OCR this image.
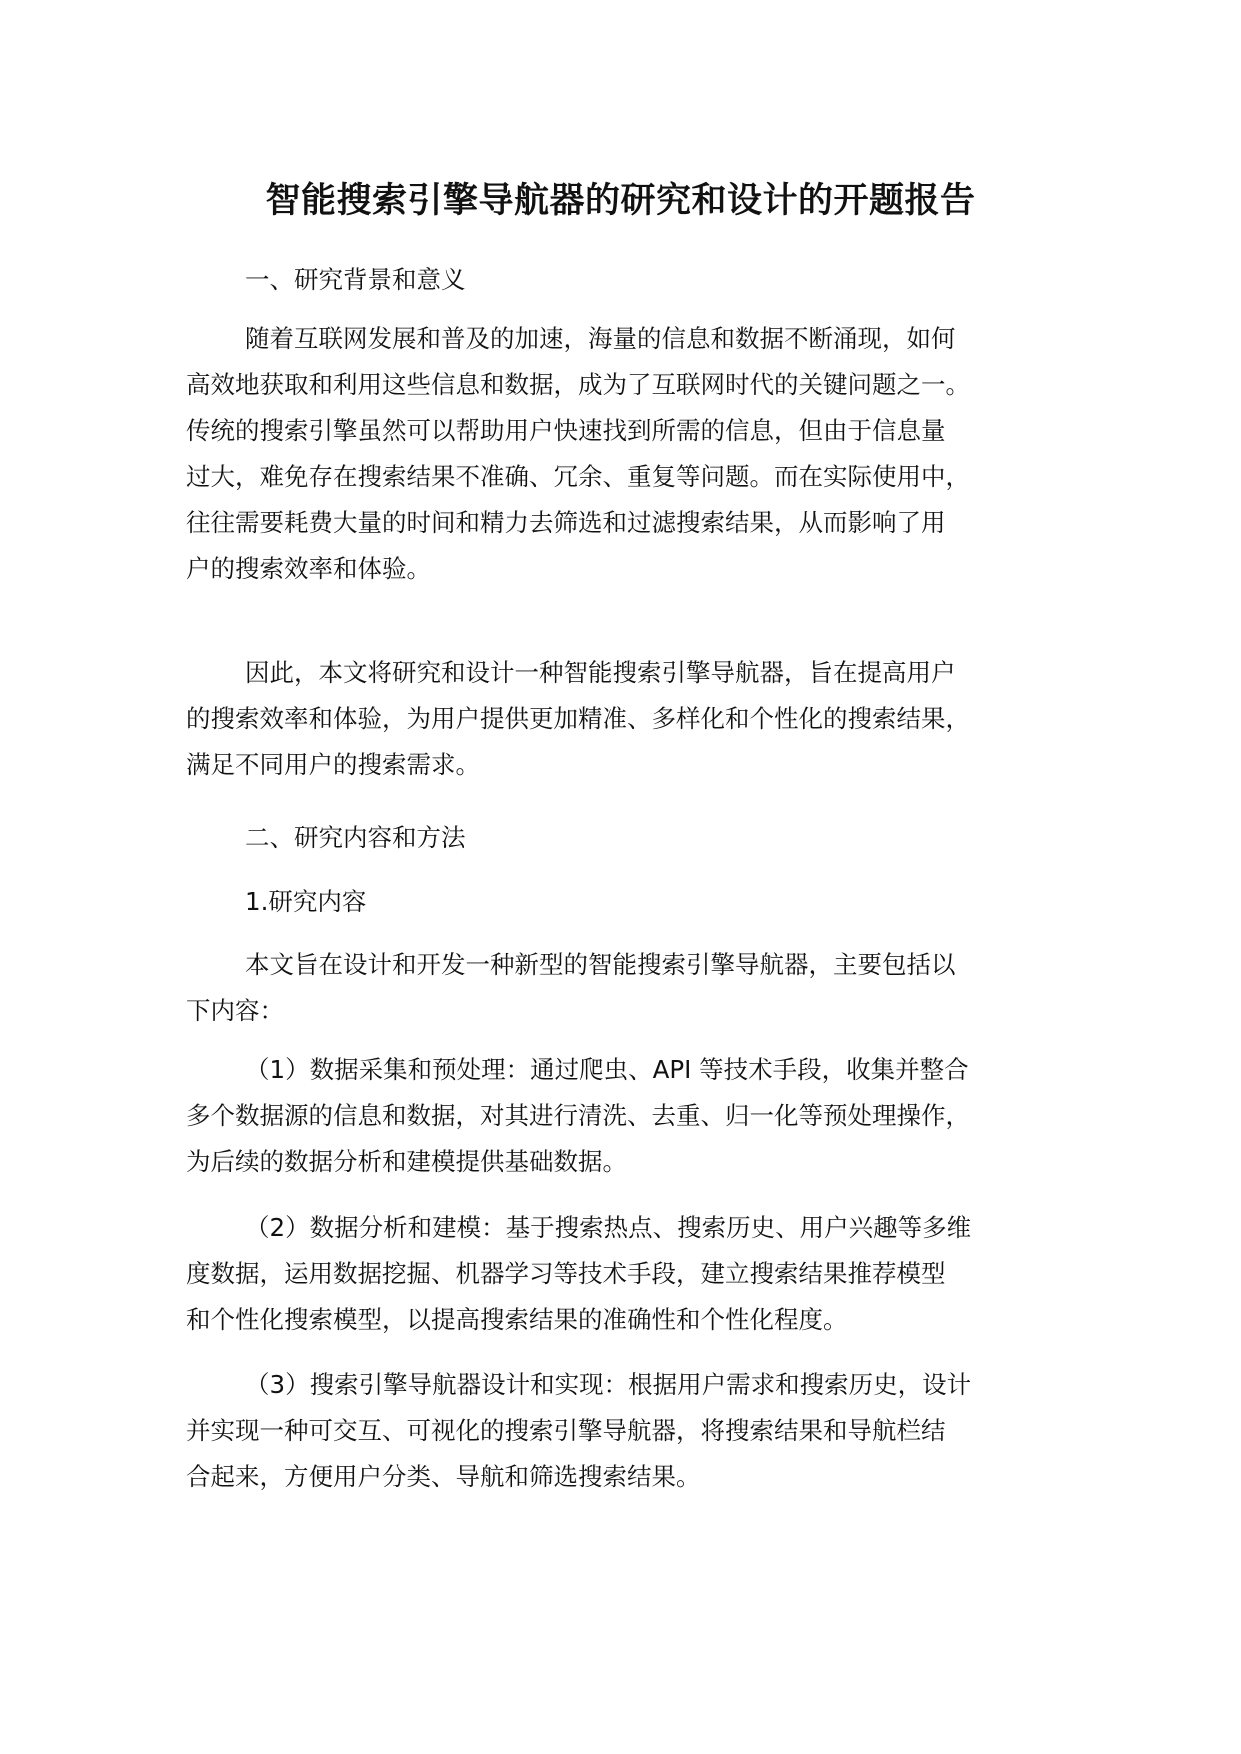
智能搜索引擎导航器的研究和设计的开题报告

一、研究背景和意义

随着互联网发展和普及的加速，海量的信息和数据不断涌现，如何
高效地获取和利用这些信息和数据，成为了互联网时代的关键问题之一。
传统的搜索引擎虽然可以帮助用户快速找到所需的信息，但由于信息量
过大，难免存在搜索结果不准确、冗余、重复等问题。而在实际使用中，
往往需要耗费大量的时间和精力去筛选和过滤搜索结果，从而影响了用
户的搜索效率和体验。
因此，本文将研究和设计一种智能搜索引擎导航器，旨在提高用户
的搜索效率和体验，为用户提供更加精准、多样化和个性化的搜索结果，
满足不同用户的搜索需求。

二、研究内容和方法

1.研究内容

本文旨在设计和开发一种新型的智能搜索引擎导航器，主要包括以
下内容：
（1）数据采集和预处理：通过爬虫、API 等技术手段，收集并整合
多个数据源的信息和数据，对其进行清洗、去重、归一化等预处理操作，
为后续的数据分析和建模提供基础数据。
（2）数据分析和建模：基于搜索热点、搜索历史、用户兴趣等多维
度数据，运用数据挖掘、机器学习等技术手段，建立搜索结果推荐模型
和个性化搜索模型，以提高搜索结果的准确性和个性化程度。
（3）搜索引擎导航器设计和实现：根据用户需求和搜索历史，设计
并实现一种可交互、可视化的搜索引擎导航器，将搜索结果和导航栏结
合起来，方便用户分类、导航和筛选搜索结果。
